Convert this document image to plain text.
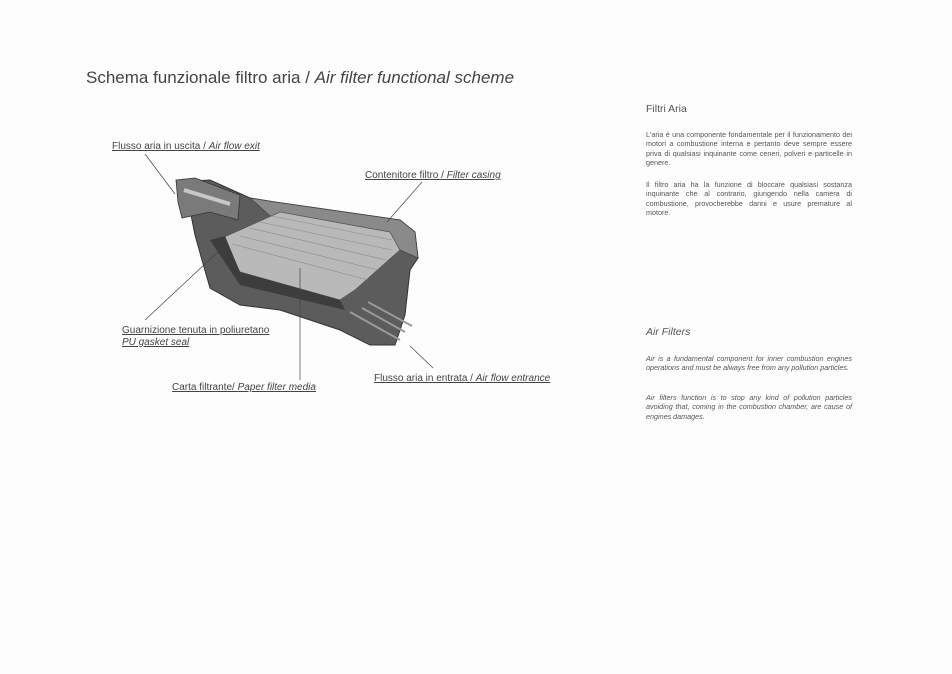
Schema funzionale filtro aria / Air filter functional scheme
Flusso aria in uscita / Air flow exit
Contenitore filtro / Filter casing
Guarnizione tenuta in poliuretano
PU gasket seal
Carta filtrante/ Paper filter media
Flusso aria in entrata / Air flow entrance
Filtri Aria
L'aria è una componente fondamentale per il funzionamento dei motori a combustione interna e pertanto deve sempre essere priva di qualsiasi inquinante come ceneri, polveri e particelle in genere.
Il filtro aria ha la funzione di bloccare qualsiasi sostanza inquinante che al contrario, giungendo nella camera di combustione, provocherebbe danni e usure premature al motore.
Air Filters
Air is a fundamental component for inner combustion engines operations and must be always free from any pollution particles.
Air filters function is to stop any kind of pollution particles avoiding that, coming in the combustion chamber, are cause of engines damages.
